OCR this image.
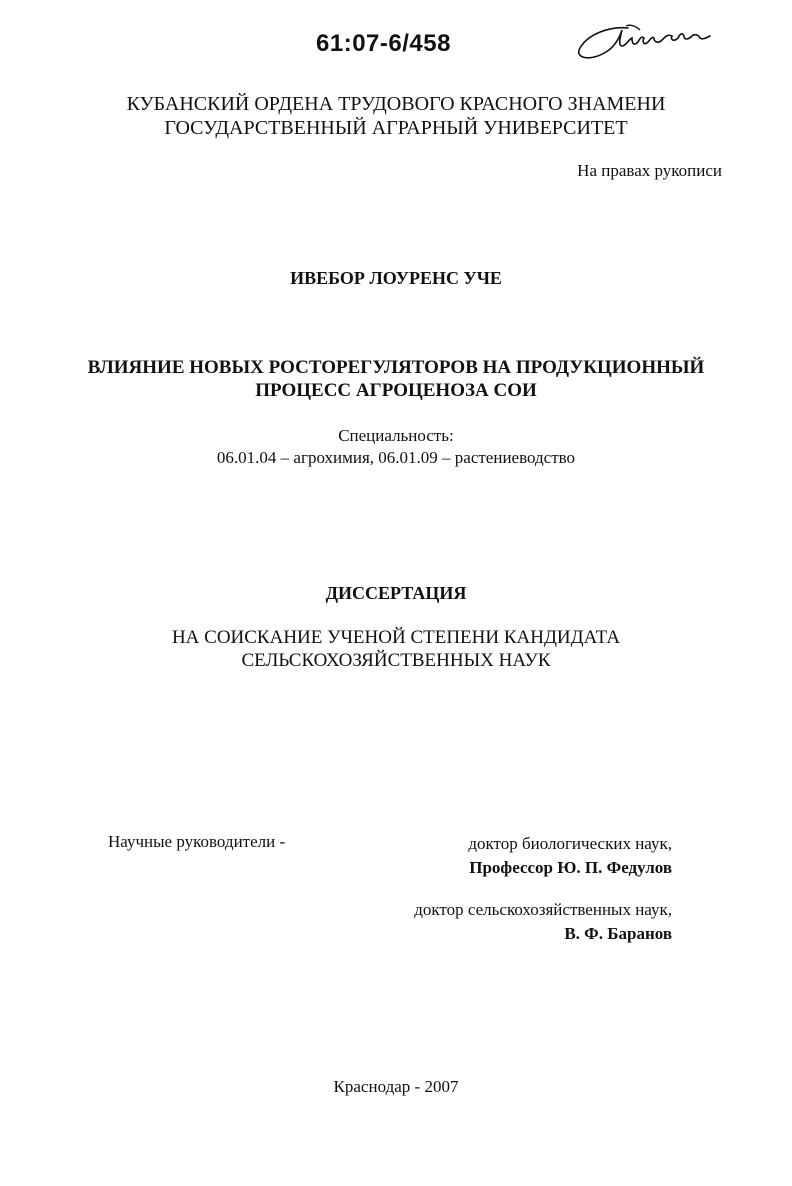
61:07-6/458
КУБАНСКИЙ ОРДЕНА ТРУДОВОГО КРАСНОГО ЗНАМЕНИ
ГОСУДАРСТВЕННЫЙ АГРАРНЫЙ УНИВЕРСИТЕТ
На правах рукописи
ИВЕБОР ЛОУРЕНС УЧЕ
ВЛИЯНИЕ НОВЫХ РОСТОРЕГУЛЯТОРОВ НА ПРОДУКЦИОННЫЙ
ПРОЦЕСС АГРОЦЕНОЗА СОИ
Специальность:
06.01.04 – агрохимия, 06.01.09 – растениеводство
ДИССЕРТАЦИЯ
НА СОИСКАНИЕ УЧЕНОЙ СТЕПЕНИ КАНДИДАТА
СЕЛЬСКОХОЗЯЙСТВЕННЫХ НАУК
Научные руководители -	доктор биологических наук,
Профессор Ю. П. Федулов
доктор сельскохозяйственных наук,
В. Ф. Баранов
Краснодар - 2007
